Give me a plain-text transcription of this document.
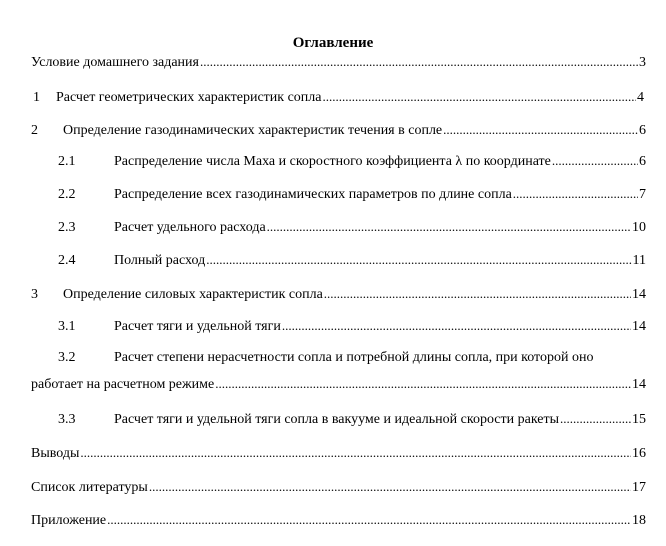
Оглавление
Условие домашнего задания .....	3
1	Расчет геометрических характеристик сопла .....	4
2	Определение газодинамических характеристик течения в сопле .....	6
2.1	Распределение числа Маха и скоростного коэффициента λ по координате .....	6
2.2	Распределение всех газодинамических параметров по длине сопла .....	7
2.3	Расчет удельного расхода .....	10
2.4	Полный расход .....	11
3	Определение силовых характеристик сопла .....	14
3.1	Расчет тяги и удельной тяги .....	14
3.2	Расчет степени нерасчетности сопла и потребной длины сопла, при которой оно
работает на расчетном режиме .....	14
3.3	Расчет тяги и удельной тяги сопла в вакууме и идеальной скорости ракеты .....	15
Выводы .....	16
Список литературы .....	17
Приложение .....	18
